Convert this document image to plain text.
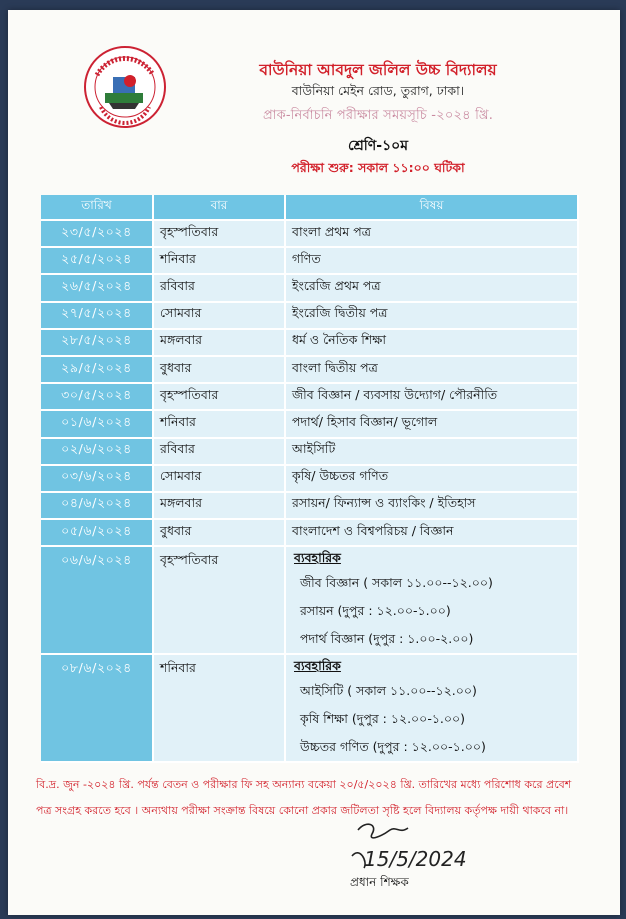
বাউনিয়া আবদুল জলিল উচ্চ বিদ্যালয়
বাউনিয়া মেইন রোড, তুরাগ, ঢাকা।
প্রাক-নির্বাচনি পরীক্ষার সময়সূচি -২০২৪ খ্রি.
শ্রেণি-১০ম
পরীক্ষা শুরু: সকাল ১১:০০ ঘটিকা
তারিখ	বার	বিষয়
২৩/৫/২০২৪	বৃহস্পতিবার	বাংলা প্রথম পত্র
২৫/৫/২০২৪	শনিবার	গণিত
২৬/৫/২০২৪	রবিবার	ইংরেজি প্রথম পত্র
২৭/৫/২০২৪	সোমবার	ইংরেজি দ্বিতীয় পত্র
২৮/৫/২০২৪	মঙ্গলবার	ধর্ম ও নৈতিক শিক্ষা
২৯/৫/২০২৪	বুধবার	বাংলা দ্বিতীয় পত্র
৩০/৫/২০২৪	বৃহস্পতিবার	জীব বিজ্ঞান / ব্যবসায় উদ্যোগ/ পৌরনীতি
০১/৬/২০২৪	শনিবার	পদার্থ/ হিসাব বিজ্ঞান/ ভূগোল
০২/৬/২০২৪	রবিবার	আইসিটি
০৩/৬/২০২৪	সোমবার	কৃষি/ উচ্চতর গণিত
০৪/৬/২০২৪	মঙ্গলবার	রসায়ন/ ফিন্যান্স ও ব্যাংকিং / ইতিহাস
০৫/৬/২০২৪	বুধবার	বাংলাদেশ ও বিশ্বপরিচয় / বিজ্ঞান
০৬/৬/২০২৪	বৃহস্পতিবার	ব্যবহারিক
জীব বিজ্ঞান ( সকাল ১১.০০--১২.০০)
রসায়ন (দুপুর : ১২.০০-১.০০)
পদার্থ বিজ্ঞান (দুপুর : ১.০০-২.০০)

০৮/৬/২০২৪	শনিবার	ব্যবহারিক
আইসিটি ( সকাল ১১.০০--১২.০০)
কৃষি শিক্ষা (দুপুর : ১২.০০-১.০০)
উচ্চতর গণিত (দুপুর : ১২.০০-১.০০)
বি.দ্র. জুন -২০২৪ খ্রি. পর্যন্ত বেতন ও পরীক্ষার ফি সহ অন্যান্য বকেয়া ২০/৫/২০২৪ খ্রি. তারিখের মধ্যে পরিশোধ করে প্রবেশ পত্র সংগ্রহ করতে হবে । অন্যথায় পরীক্ষা সংক্রান্ত বিষয়ে কোনো প্রকার জটিলতা সৃষ্টি হলে বিদ্যালয় কর্তৃপক্ষ দায়ী থাকবে না।
15/5/2024
প্রধান শিক্ষক
